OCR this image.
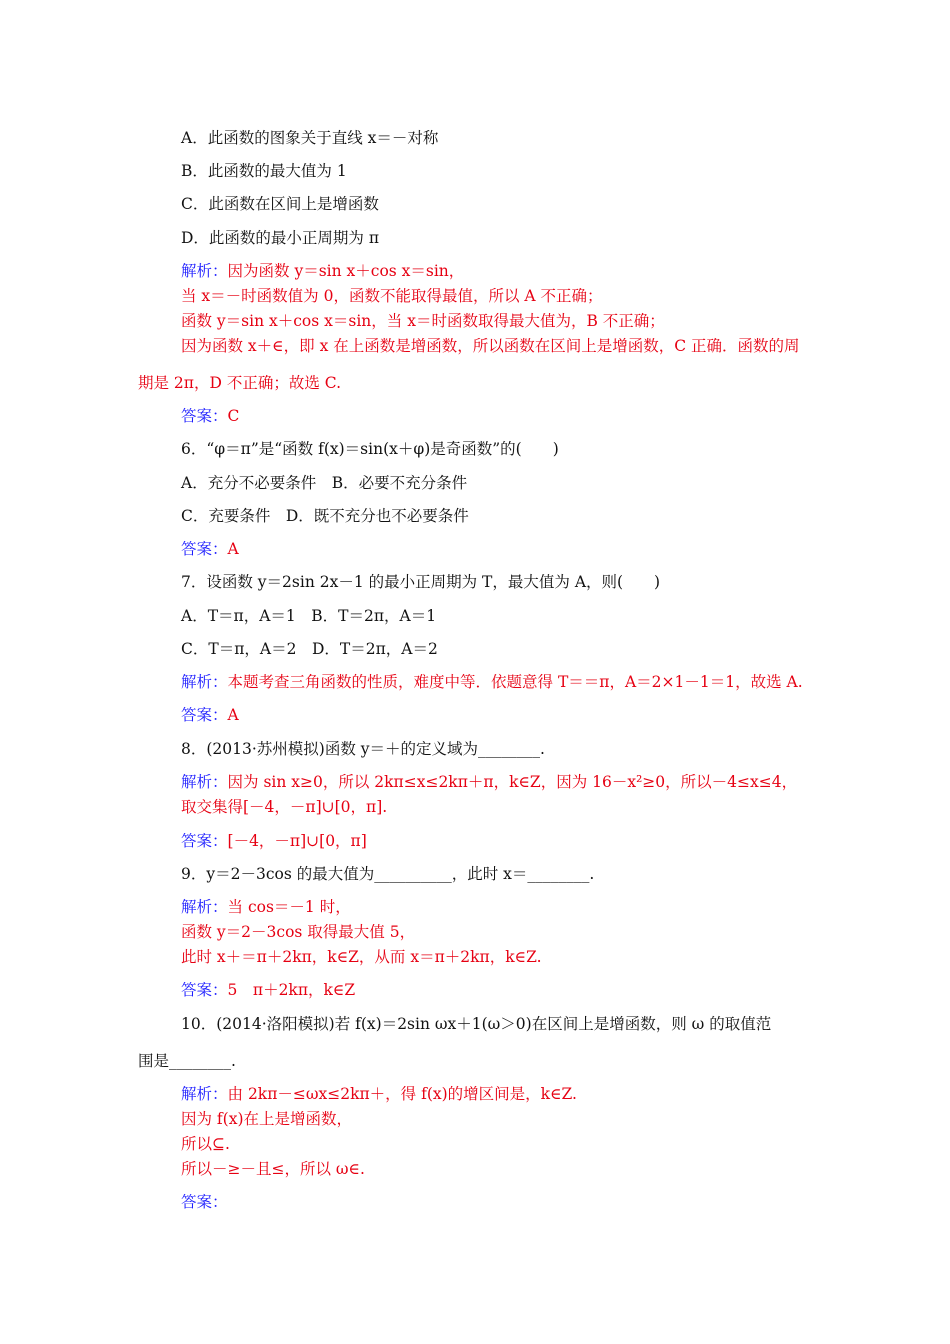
A．此函数的图象关于直线 x＝－对称
B．此函数的最大值为 1
C．此函数在区间上是增函数
D．此函数的最小正周期为 π
解析：因为函数 y＝sin x＋cos x＝sin，
当 x＝－时函数值为 0，函数不能取得最值，所以 A 不正确；
函数 y＝sin x＋cos x＝sin，当 x＝时函数取得最大值为，B 不正确；
因为函数 x＋∈，即 x 在上函数是增函数，所以函数在区间上是增函数，C 正确．函数的周
期是 2π，D 不正确；故选 C.
答案：C
6．“φ＝π”是“函数 f(x)＝sin(x＋φ)是奇函数”的(　　)
A．充分不必要条件　B．必要不充分条件
C．充要条件　D．既不充分也不必要条件
答案：A
7．设函数 y＝2sin 2x－1 的最小正周期为 T，最大值为 A，则(　　)
A．T＝π，A＝1　B．T＝2π，A＝1
C．T＝π，A＝2　D．T＝2π，A＝2
解析：本题考查三角函数的性质，难度中等．依题意得 T＝＝π，A＝2×1－1＝1，故选 A.
答案：A
8．(2013·苏州模拟)函数 y＝＋的定义域为________.
解析：因为 sin x≥0，所以 2kπ≤x≤2kπ＋π，k∈Z，因为 16－x²≥0，所以－4≤x≤4，
取交集得[－4，－π]∪[0，π].
答案：[－4，－π]∪[0，π]
9．y＝2－3cos 的最大值为__________，此时 x＝________.
解析：当 cos＝－1 时，
函数 y＝2－3cos 取得最大值 5，
此时 x＋＝π＋2kπ，k∈Z，从而 x＝π＋2kπ，k∈Z.
答案：5　π＋2kπ，k∈Z
10．(2014·洛阳模拟)若 f(x)＝2sin ωx＋1(ω＞0)在区间上是增函数，则 ω 的取值范
围是________.
解析：由 2kπ－≤ωx≤2kπ＋，得 f(x)的增区间是，k∈Z.
因为 f(x)在上是增函数，
所以⊆.
所以－≥－且≤，所以 ω∈.
答案：
